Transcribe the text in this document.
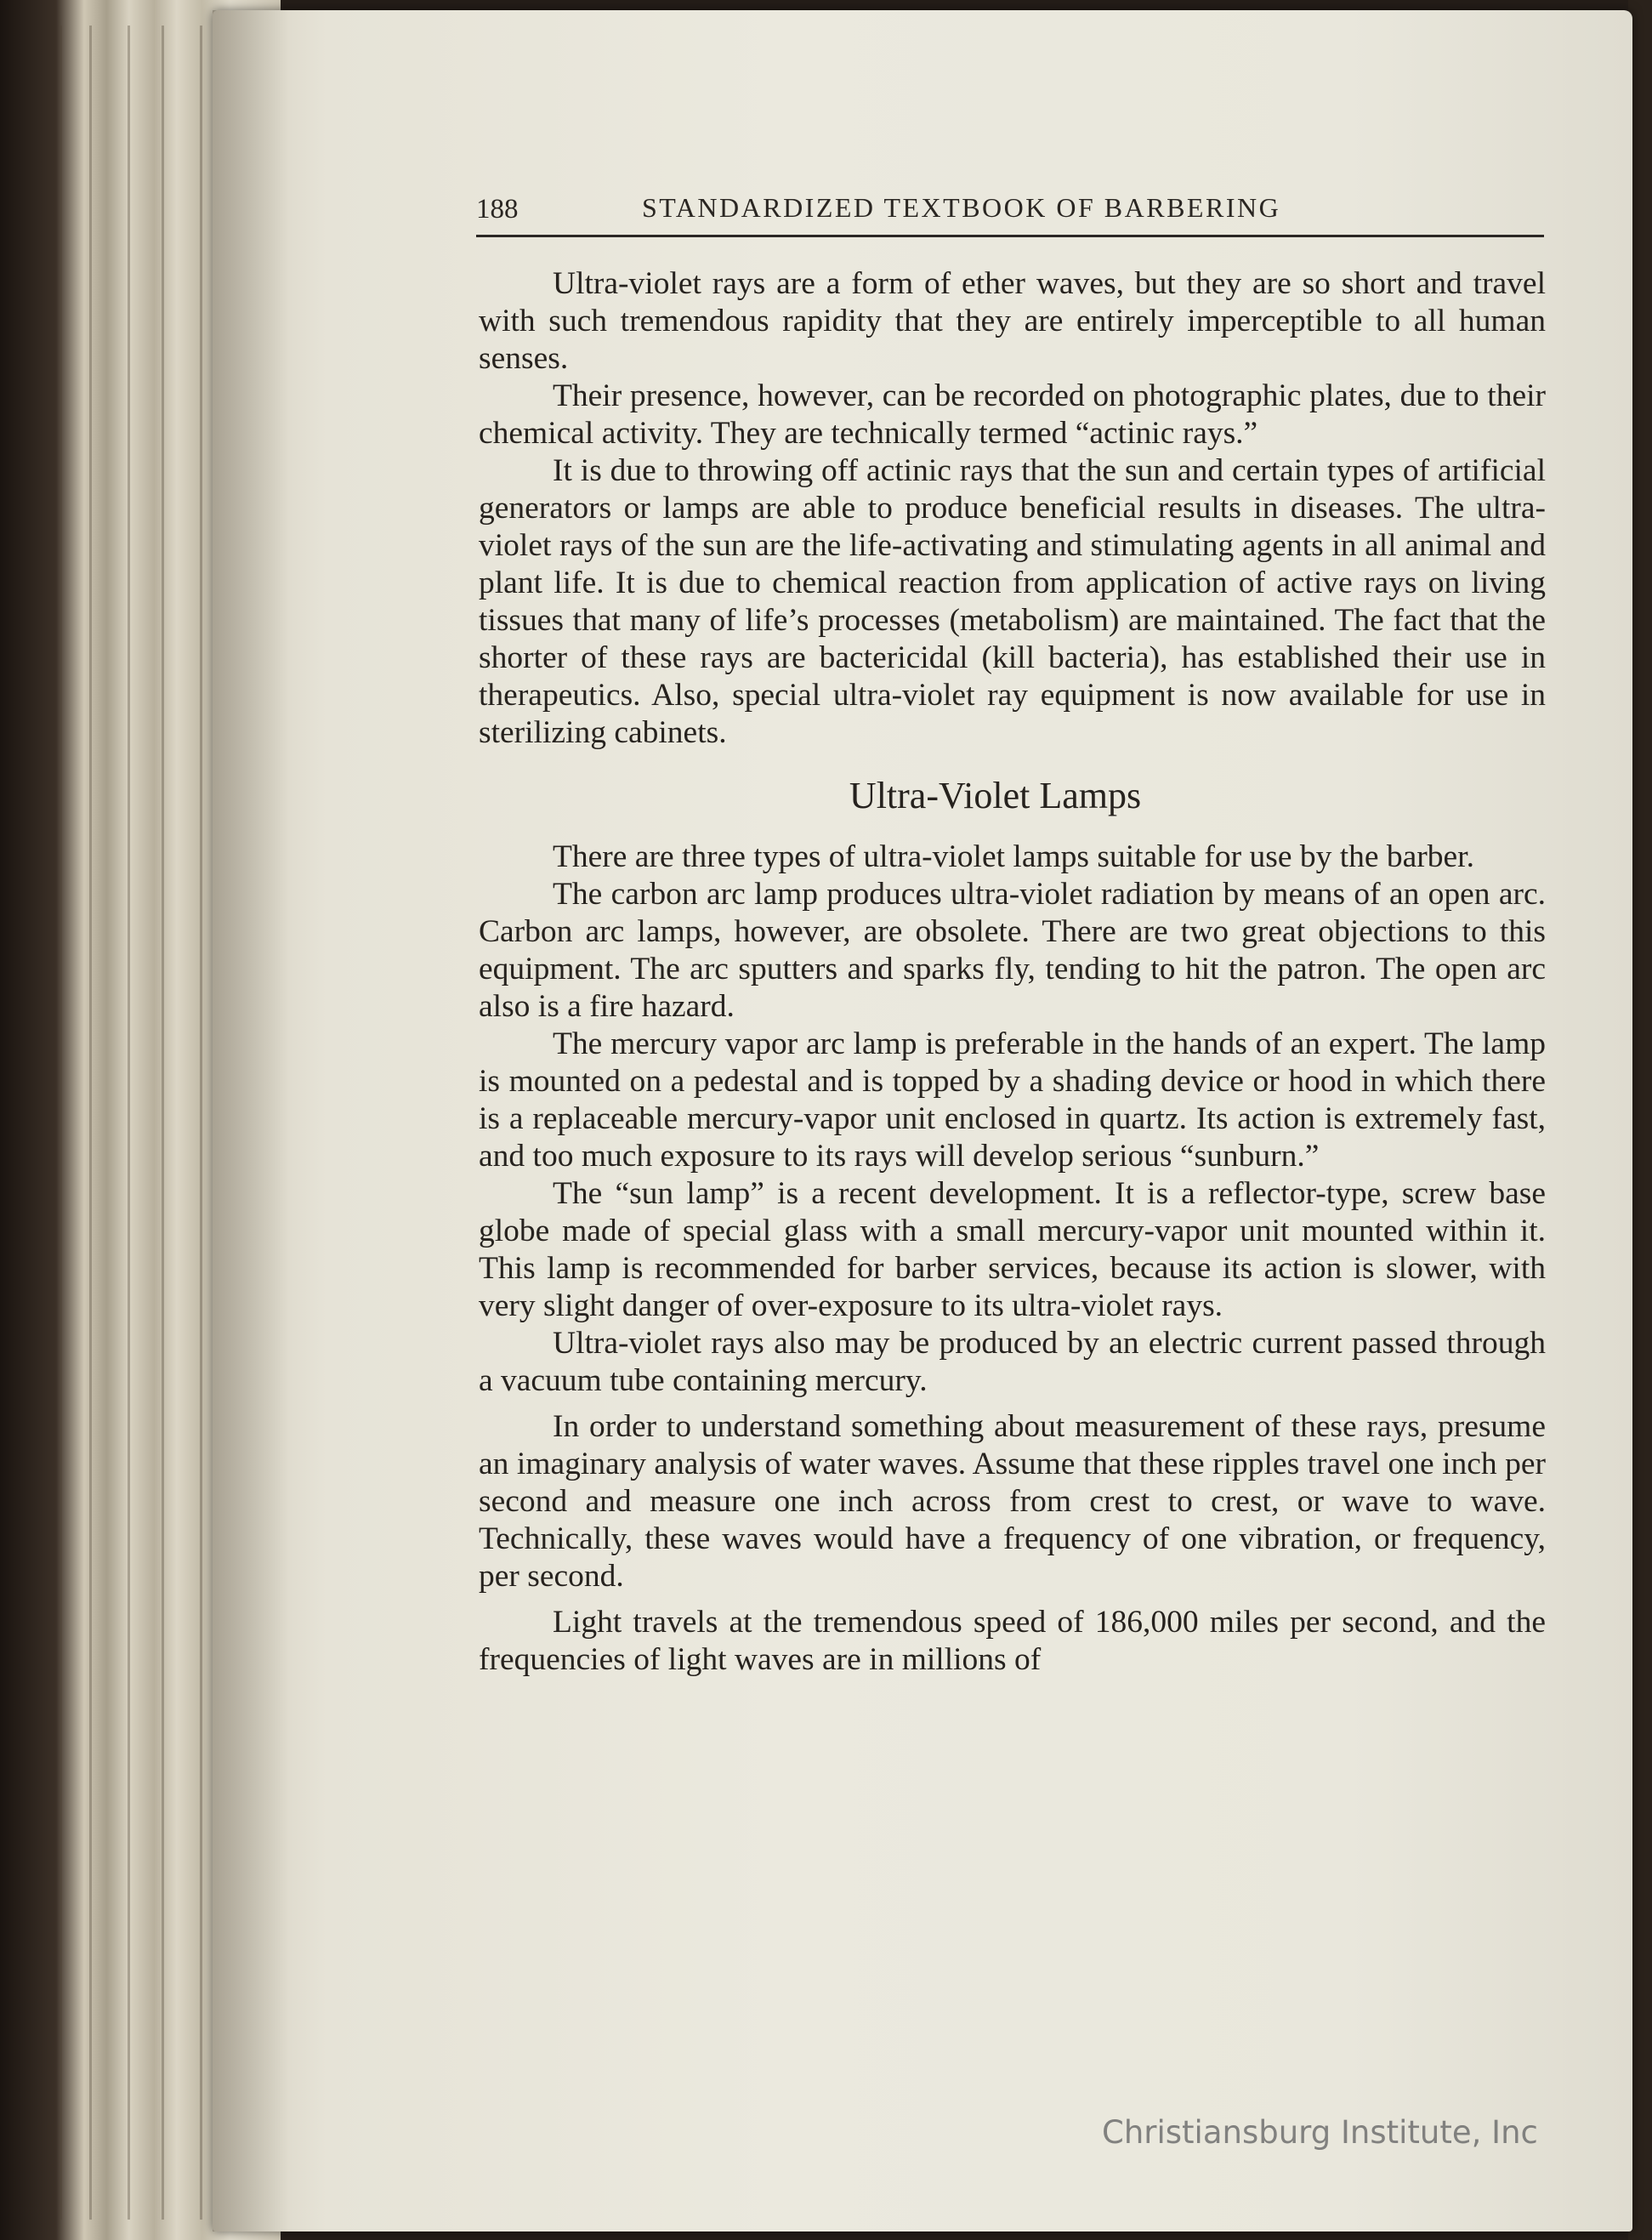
188	STANDARDIZED TEXTBOOK OF BARBERING

Ultra-violet rays are a form of ether waves, but they are so short and travel with such tremendous rapidity that they are entirely imperceptible to all human senses.

Their presence, however, can be recorded on photographic plates, due to their chemical activity. They are technically termed “actinic rays.”

It is due to throwing off actinic rays that the sun and certain types of artificial generators or lamps are able to produce beneficial results in diseases. The ultra-violet rays of the sun are the life-activating and stimulating agents in all animal and plant life. It is due to chemical reaction from application of active rays on living tissues that many of life’s processes (metabolism) are maintained. The fact that the shorter of these rays are bactericidal (kill bacteria), has established their use in therapeutics. Also, special ultra-violet ray equipment is now available for use in sterilizing cabinets.

Ultra-Violet Lamps

There are three types of ultra-violet lamps suitable for use by the barber.

The carbon arc lamp produces ultra-violet radiation by means of an open arc. Carbon arc lamps, however, are obsolete. There are two great objections to this equipment. The arc sputters and sparks fly, tending to hit the patron. The open arc also is a fire hazard.

The mercury vapor arc lamp is preferable in the hands of an expert. The lamp is mounted on a pedestal and is topped by a shading device or hood in which there is a replaceable mercury-vapor unit enclosed in quartz. Its action is extremely fast, and too much exposure to its rays will develop serious “sunburn.”

The “sun lamp” is a recent development. It is a reflector-type, screw base globe made of special glass with a small mercury-vapor unit mounted within it. This lamp is recommended for barber services, because its action is slower, with very slight danger of over-exposure to its ultra-violet rays.

Ultra-violet rays also may be produced by an electric current passed through a vacuum tube containing mercury.

In order to understand something about measurement of these rays, presume an imaginary analysis of water waves. Assume that these ripples travel one inch per second and measure one inch across from crest to crest, or wave to wave. Technically, these waves would have a frequency of one vibration, or frequency, per second.

Light travels at the tremendous speed of 186,000 miles per second, and the frequencies of light waves are in millions of

Christiansburg Institute, Inc
